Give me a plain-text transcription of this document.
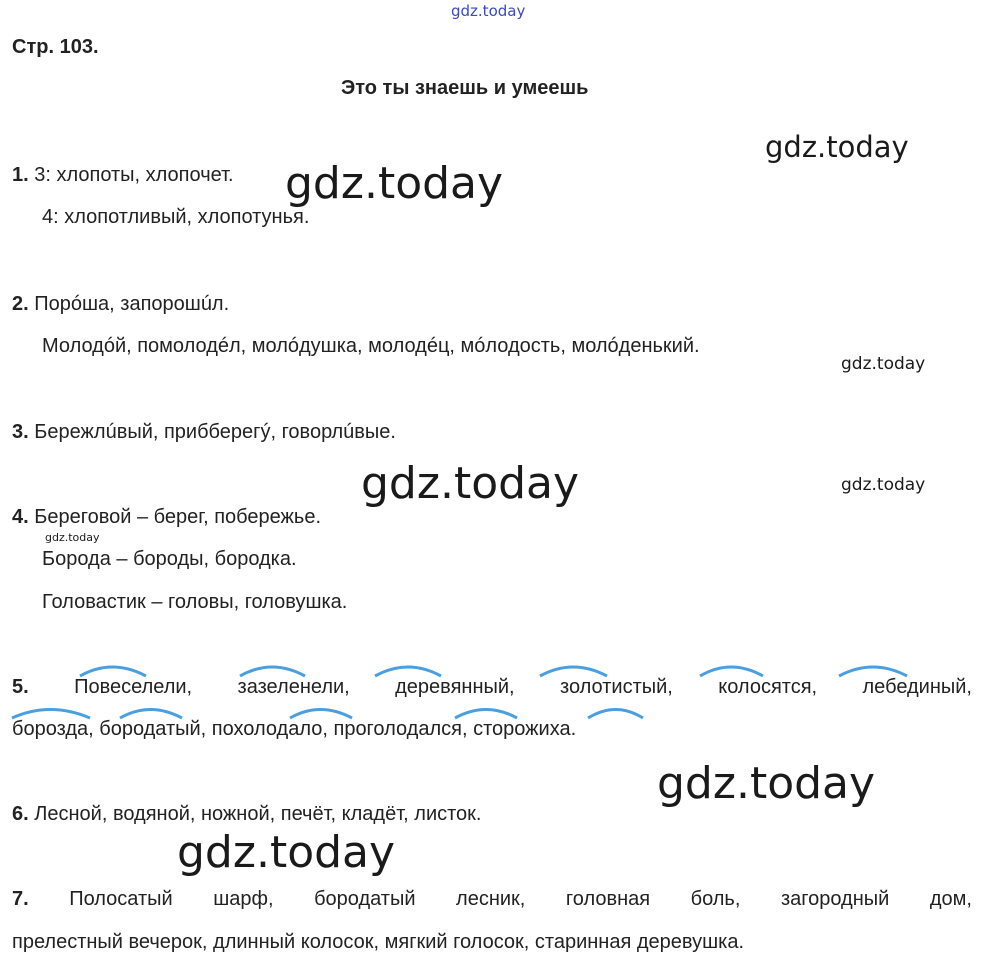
gdz.today
Стр. 103.
Это ты знаешь и умеешь
gdz.today
gdz.today
gdz.today
gdz.today	gdz.today
gdz.today
gdz.today
gdz.today
1. 3: хлопоты, хлопочет.
4: хлопотливый, хлопотунья.
2. Порóша, запорошúл.
Молодóй, помолодéл, молóдушка, молодéц, мóлодость, молóденький.
3. Бережлúвый, прибберегý, говорлúвые.
4. Береговой – берег, побережье.
Борода – бороды, бородка.
Головастик – головы, головушка.
5. Повеселели, зазеленели, деревянный, золотистый, колосятся, лебединый,
борозда, бородатый, похолодало, проголодался, сторожиха.
6. Лесной, водяной, ножной, печёт, кладёт, листок.
7. Полосатый шарф, бородатый лесник, головная боль, загородный дом,
прелестный вечерок, длинный колосок, мягкий голосок, старинная деревушка.
